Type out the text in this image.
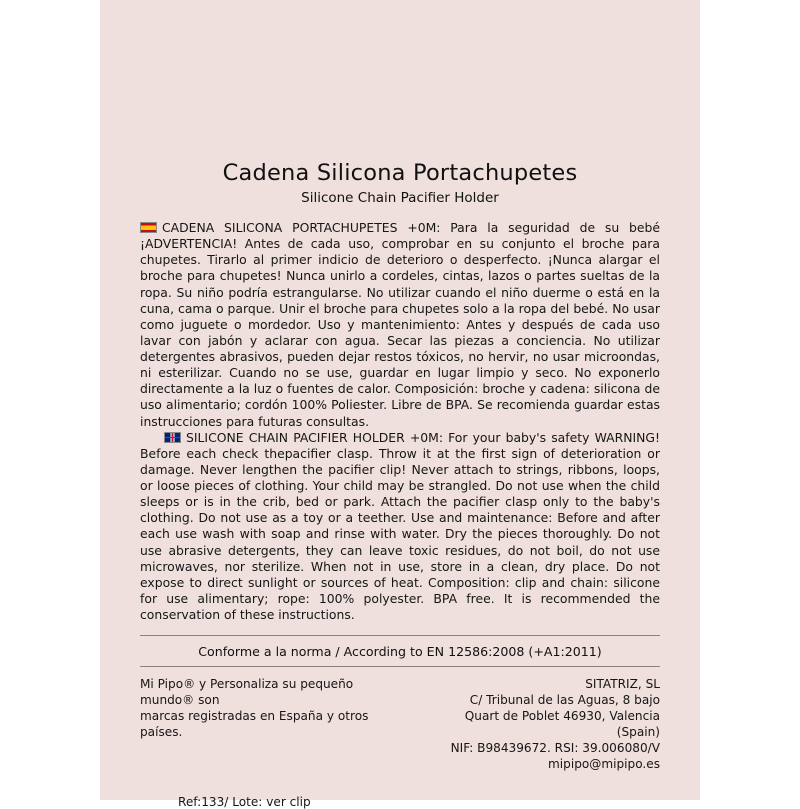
Cadena Silicona Portachupetes
Silicone Chain Pacifier Holder

CADENA SILICONA PORTACHUPETES +0M: Para la seguridad de su bebé ¡ADVERTENCIA! Antes de cada uso, comprobar en su conjunto el broche para chupetes. Tirarlo al primer indicio de deterioro o desperfecto. ¡Nunca alargar el broche para chupetes! Nunca unirlo a cordeles, cintas, lazos o partes sueltas de la ropa. Su niño podría estrangularse. No utilizar cuando el niño duerme o está en la cuna, cama o parque. Unir el broche para chupetes solo a la ropa del bebé. No usar como juguete o mordedor. Uso y mantenimiento: Antes y después de cada uso lavar con jabón y aclarar con agua. Secar las piezas a conciencia. No utilizar detergentes abrasivos, pueden dejar restos tóxicos, no hervir, no usar microondas, ni esterilizar. Cuando no se use, guardar en lugar limpio y seco. No exponerlo directamente a la luz o fuentes de calor. Composición: broche y cadena: silicona de uso alimentario; cordón 100% Poliester. Libre de BPA. Se recomienda guardar estas instrucciones para futuras consultas.

SILICONE CHAIN PACIFIER HOLDER +0M: For your baby's safety WARNING! Before each check thepacifier clasp. Throw it at the first sign of deterioration or damage. Never lengthen the pacifier clip! Never attach to strings, ribbons, loops, or loose pieces of clothing. Your child may be strangled. Do not use when the child sleeps or is in the crib, bed or park. Attach the pacifier clasp only to the baby's clothing. Do not use as a toy or a teether. Use and maintenance: Before and after each use wash with soap and rinse with water. Dry the pieces thoroughly. Do not use abrasive detergents, they can leave toxic residues, do not boil, do not use microwaves, nor sterilize. When not in use, store in a clean, dry place. Do not expose to direct sunlight or sources of heat. Composition: clip and chain: silicone for use alimentary; rope: 100% polyester. BPA free. It is recommended the conservation of these instructions.

Conforme a la norma / According to EN 12586:2008 (+A1:2011)
Mi Pipo® y Personaliza su pequeño mundo® son
marcas registradas en España y otros países.
SITATRIZ, SL
C/ Tribunal de las Aguas, 8 bajo
Quart de Poblet 46930, Valencia (Spain)
NIF: B98439672. RSI: 39.006080/V
mipipo@mipipo.es
Ref:133/ Lote: ver clip
